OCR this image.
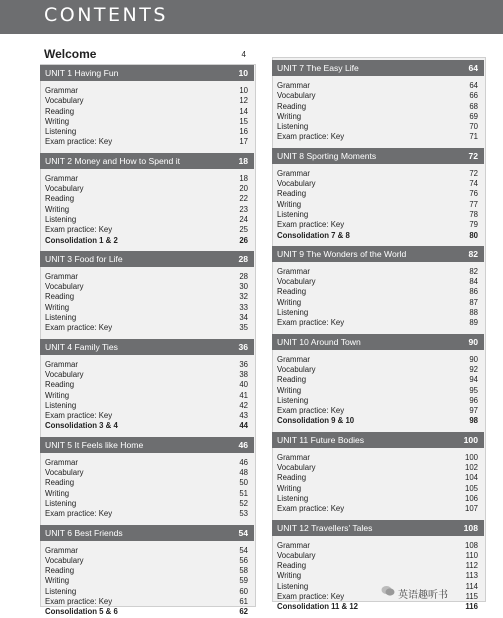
CONTENTS
Welcome	4
UNIT 1 Having Fun	10
Grammar	10
Vocabulary	12
Reading	14
Writing	15
Listening	16
Exam practice: Key	17
UNIT 2 Money and How to Spend it	18
Grammar	18
Vocabulary	20
Reading	22
Writing	23
Listening	24
Exam practice: Key	25
Consolidation 1 & 2	26
UNIT 3 Food for Life	28
Grammar	28
Vocabulary	30
Reading	32
Writing	33
Listening	34
Exam practice: Key	35
UNIT 4 Family Ties	36
Grammar	36
Vocabulary	38
Reading	40
Writing	41
Listening	42
Exam practice: Key	43
Consolidation 3 & 4	44
UNIT 5 It Feels like Home	46
Grammar	46
Vocabulary	48
Reading	50
Writing	51
Listening	52
Exam practice: Key	53
UNIT 6 Best Friends	54
Grammar	54
Vocabulary	56
Reading	58
Writing	59
Listening	60
Exam practice: Key	61
Consolidation 5 & 6	62
UNIT 7 The Easy Life	64
Grammar	64
Vocabulary	66
Reading	68
Writing	69
Listening	70
Exam practice: Key	71
UNIT 8 Sporting Moments	72
Grammar	72
Vocabulary	74
Reading	76
Writing	77
Listening	78
Exam practice: Key	79
Consolidation 7 & 8	80
UNIT 9 The Wonders of the World	82
Grammar	82
Vocabulary	84
Reading	86
Writing	87
Listening	88
Exam practice: Key	89
UNIT 10 Around Town	90
Grammar	90
Vocabulary	92
Reading	94
Writing	95
Listening	96
Exam practice: Key	97
Consolidation 9 & 10	98
UNIT 11 Future Bodies	100
Grammar	100
Vocabulary	102
Reading	104
Writing	105
Listening	106
Exam practice: Key	107
UNIT 12 Travellers' Tales	108
Grammar	108
Vocabulary	110
Reading	112
Writing	113
Listening	114
Exam practice: Key	115
Consolidation 11 & 12	116
英语趣听书
